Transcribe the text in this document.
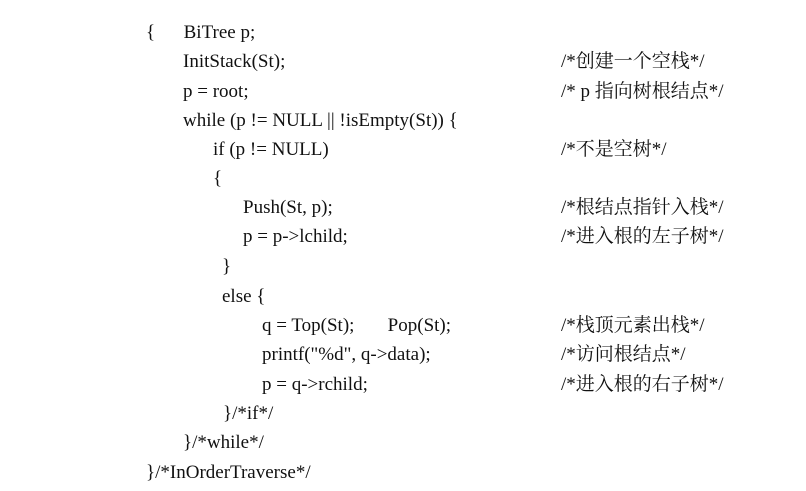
{      BiTree p;
InitStack(St);	/*创建一个空栈*/
p = root;	/* p 指向树根结点*/
while (p != NULL || !isEmpty(St)) {
if (p != NULL)	/*不是空树*/
{
Push(St, p);	/*根结点指针入栈*/
p = p->lchild;	/*进入根的左子树*/
}
else {
q = Top(St);       Pop(St);	/*栈顶元素出栈*/
printf("%d", q->data);	/*访问根结点*/
p = q->rchild;	/*进入根的右子树*/
}/*if*/
}/*while*/
}/*InOrderTraverse*/
